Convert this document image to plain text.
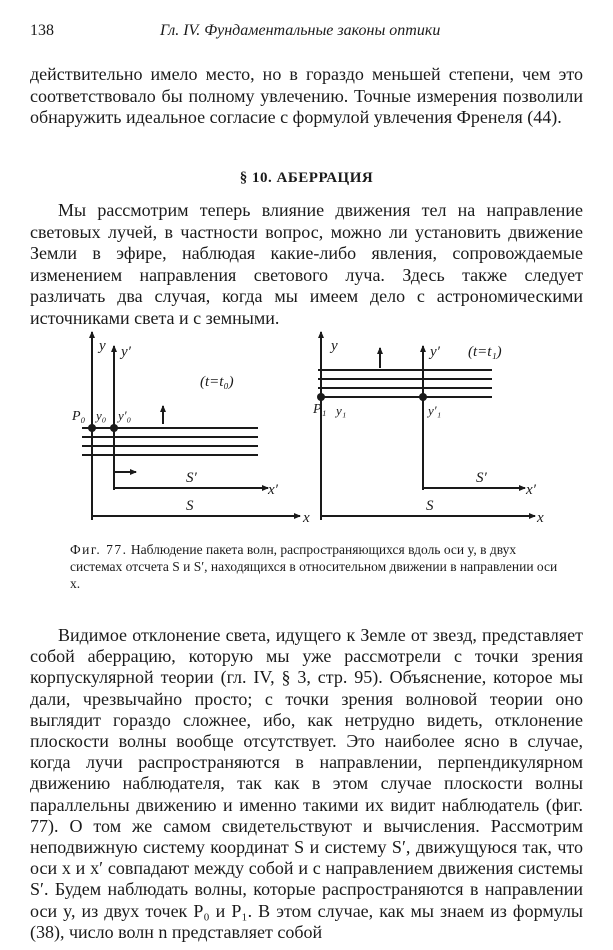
138	Гл. IV. Фундаментальные законы оптики

действительно имело место, но в гораздо меньшей степени, чем это соответствовало бы полному увлечению. Точные измерения позволили обнаружить идеальное согласие с формулой увлечения Френеля (44).

§ 10. АБЕРРАЦИЯ

Мы рассмотрим теперь влияние движения тел на направление световых лучей, в частности вопрос, можно ли установить движение Земли в эфире, наблюдая какие-либо явления, сопровождаемые изменением направления светового луча. Здесь также следует различать два случая, когда мы имеем дело с астрономическими источниками света и с земными.

y y′
(t=t₀)
P₀ y₀ y′₀
S′
x′
S
x
y	y′ (t=t₁)
P₁ y₁	y′₁
S′
x′
S
x
Фиг. 77. Наблюдение пакета волн, распространяющихся вдоль оси y, в двух системах отсчета S и S′, находящихся в относительном движении в направлении оси x.

Видимое отклонение света, идущего к Земле от звезд, представляет собой аберрацию, которую мы уже рассмотрели с точки зрения корпускулярной теории (гл. IV, § 3, стр. 95). Объяснение, которое мы дали, чрезвычайно просто; с точки зрения волновой теории оно выглядит гораздо сложнее, ибо, как нетрудно видеть, отклонение плоскости волны вообще отсутствует. Это наиболее ясно в случае, когда лучи распространяются в направлении, перпендикулярном движению наблюдателя, так как в этом случае плоскости волны параллельны движению и именно такими их видит наблюдатель (фиг. 77). О том же самом свидетельствуют и вычисления. Рассмотрим неподвижную систему координат S и систему S′, движущуюся так, что оси x и x′ совпадают между собой и с направлением движения системы S′. Будем наблюдать волны, которые распространяются в направлении оси y, из двух точек P₀ и P₁. В этом случае, как мы знаем из формулы (38), число волн n представляет собой
